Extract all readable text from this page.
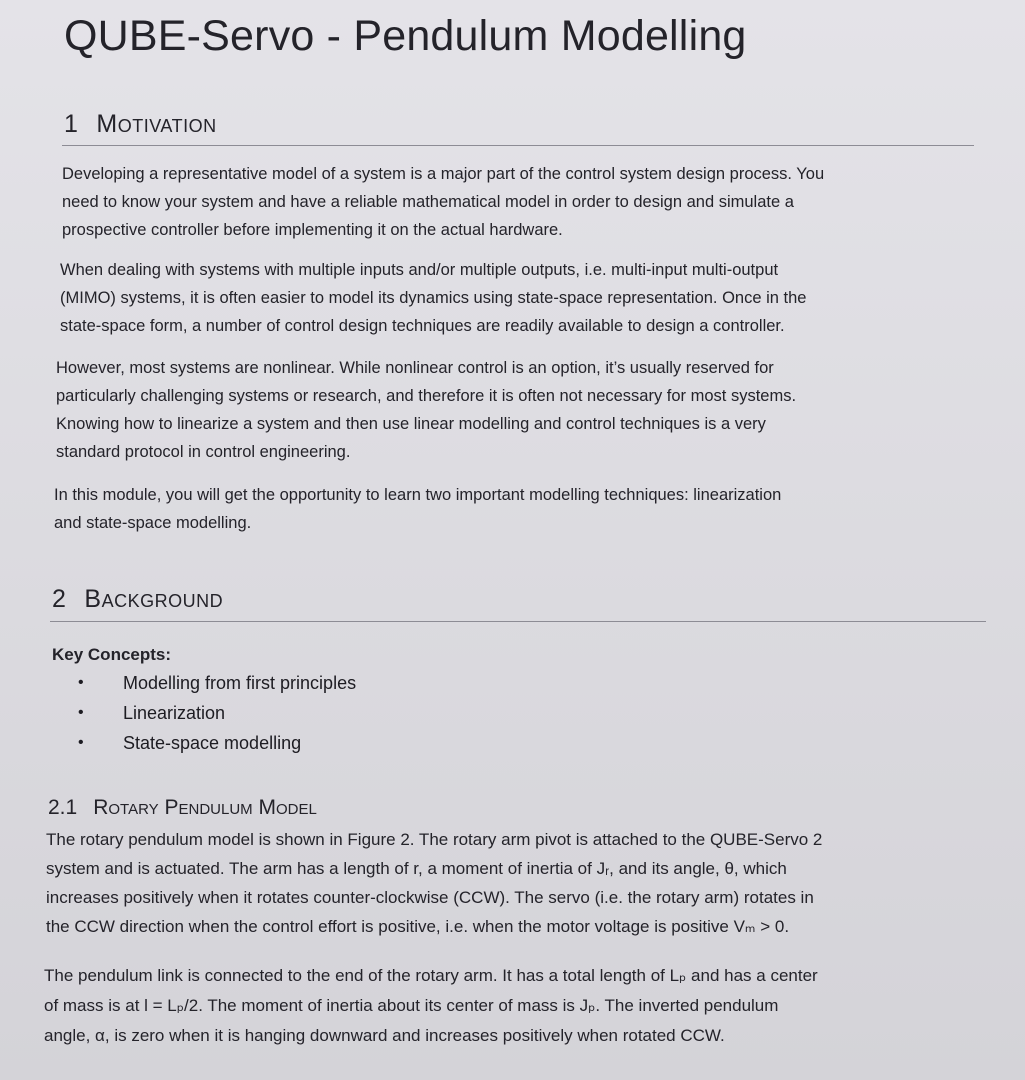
QUBE-Servo - Pendulum Modelling
1 Motivation
Developing a representative model of a system is a major part of the control system design process. You
need to know your system and have a reliable mathematical model in order to design and simulate a
prospective controller before implementing it on the actual hardware.
When dealing with systems with multiple inputs and/or multiple outputs, i.e. multi-input multi-output
(MIMO) systems, it is often easier to model its dynamics using state-space representation. Once in the
state-space form, a number of control design techniques are readily available to design a controller.
However, most systems are nonlinear. While nonlinear control is an option, it’s usually reserved for
particularly challenging systems or research, and therefore it is often not necessary for most systems.
Knowing how to linearize a system and then use linear modelling and control techniques is a very
standard protocol in control engineering.
In this module, you will get the opportunity to learn two important modelling techniques: linearization
and state-space modelling.
2 Background
Key Concepts:
•	Modelling from first principles
•	Linearization
•	State-space modelling
2.1 Rotary Pendulum Model
The rotary pendulum model is shown in Figure 2. The rotary arm pivot is attached to the QUBE-Servo 2
system and is actuated. The arm has a length of r, a moment of inertia of Jᵣ, and its angle, θ, which
increases positively when it rotates counter-clockwise (CCW). The servo (i.e. the rotary arm) rotates in
the CCW direction when the control effort is positive, i.e. when the motor voltage is positive Vₘ > 0.
The pendulum link is connected to the end of the rotary arm. It has a total length of Lₚ and has a center
of mass is at l = Lₚ/2. The moment of inertia about its center of mass is Jₚ. The inverted pendulum
angle, α, is zero when it is hanging downward and increases positively when rotated CCW.
